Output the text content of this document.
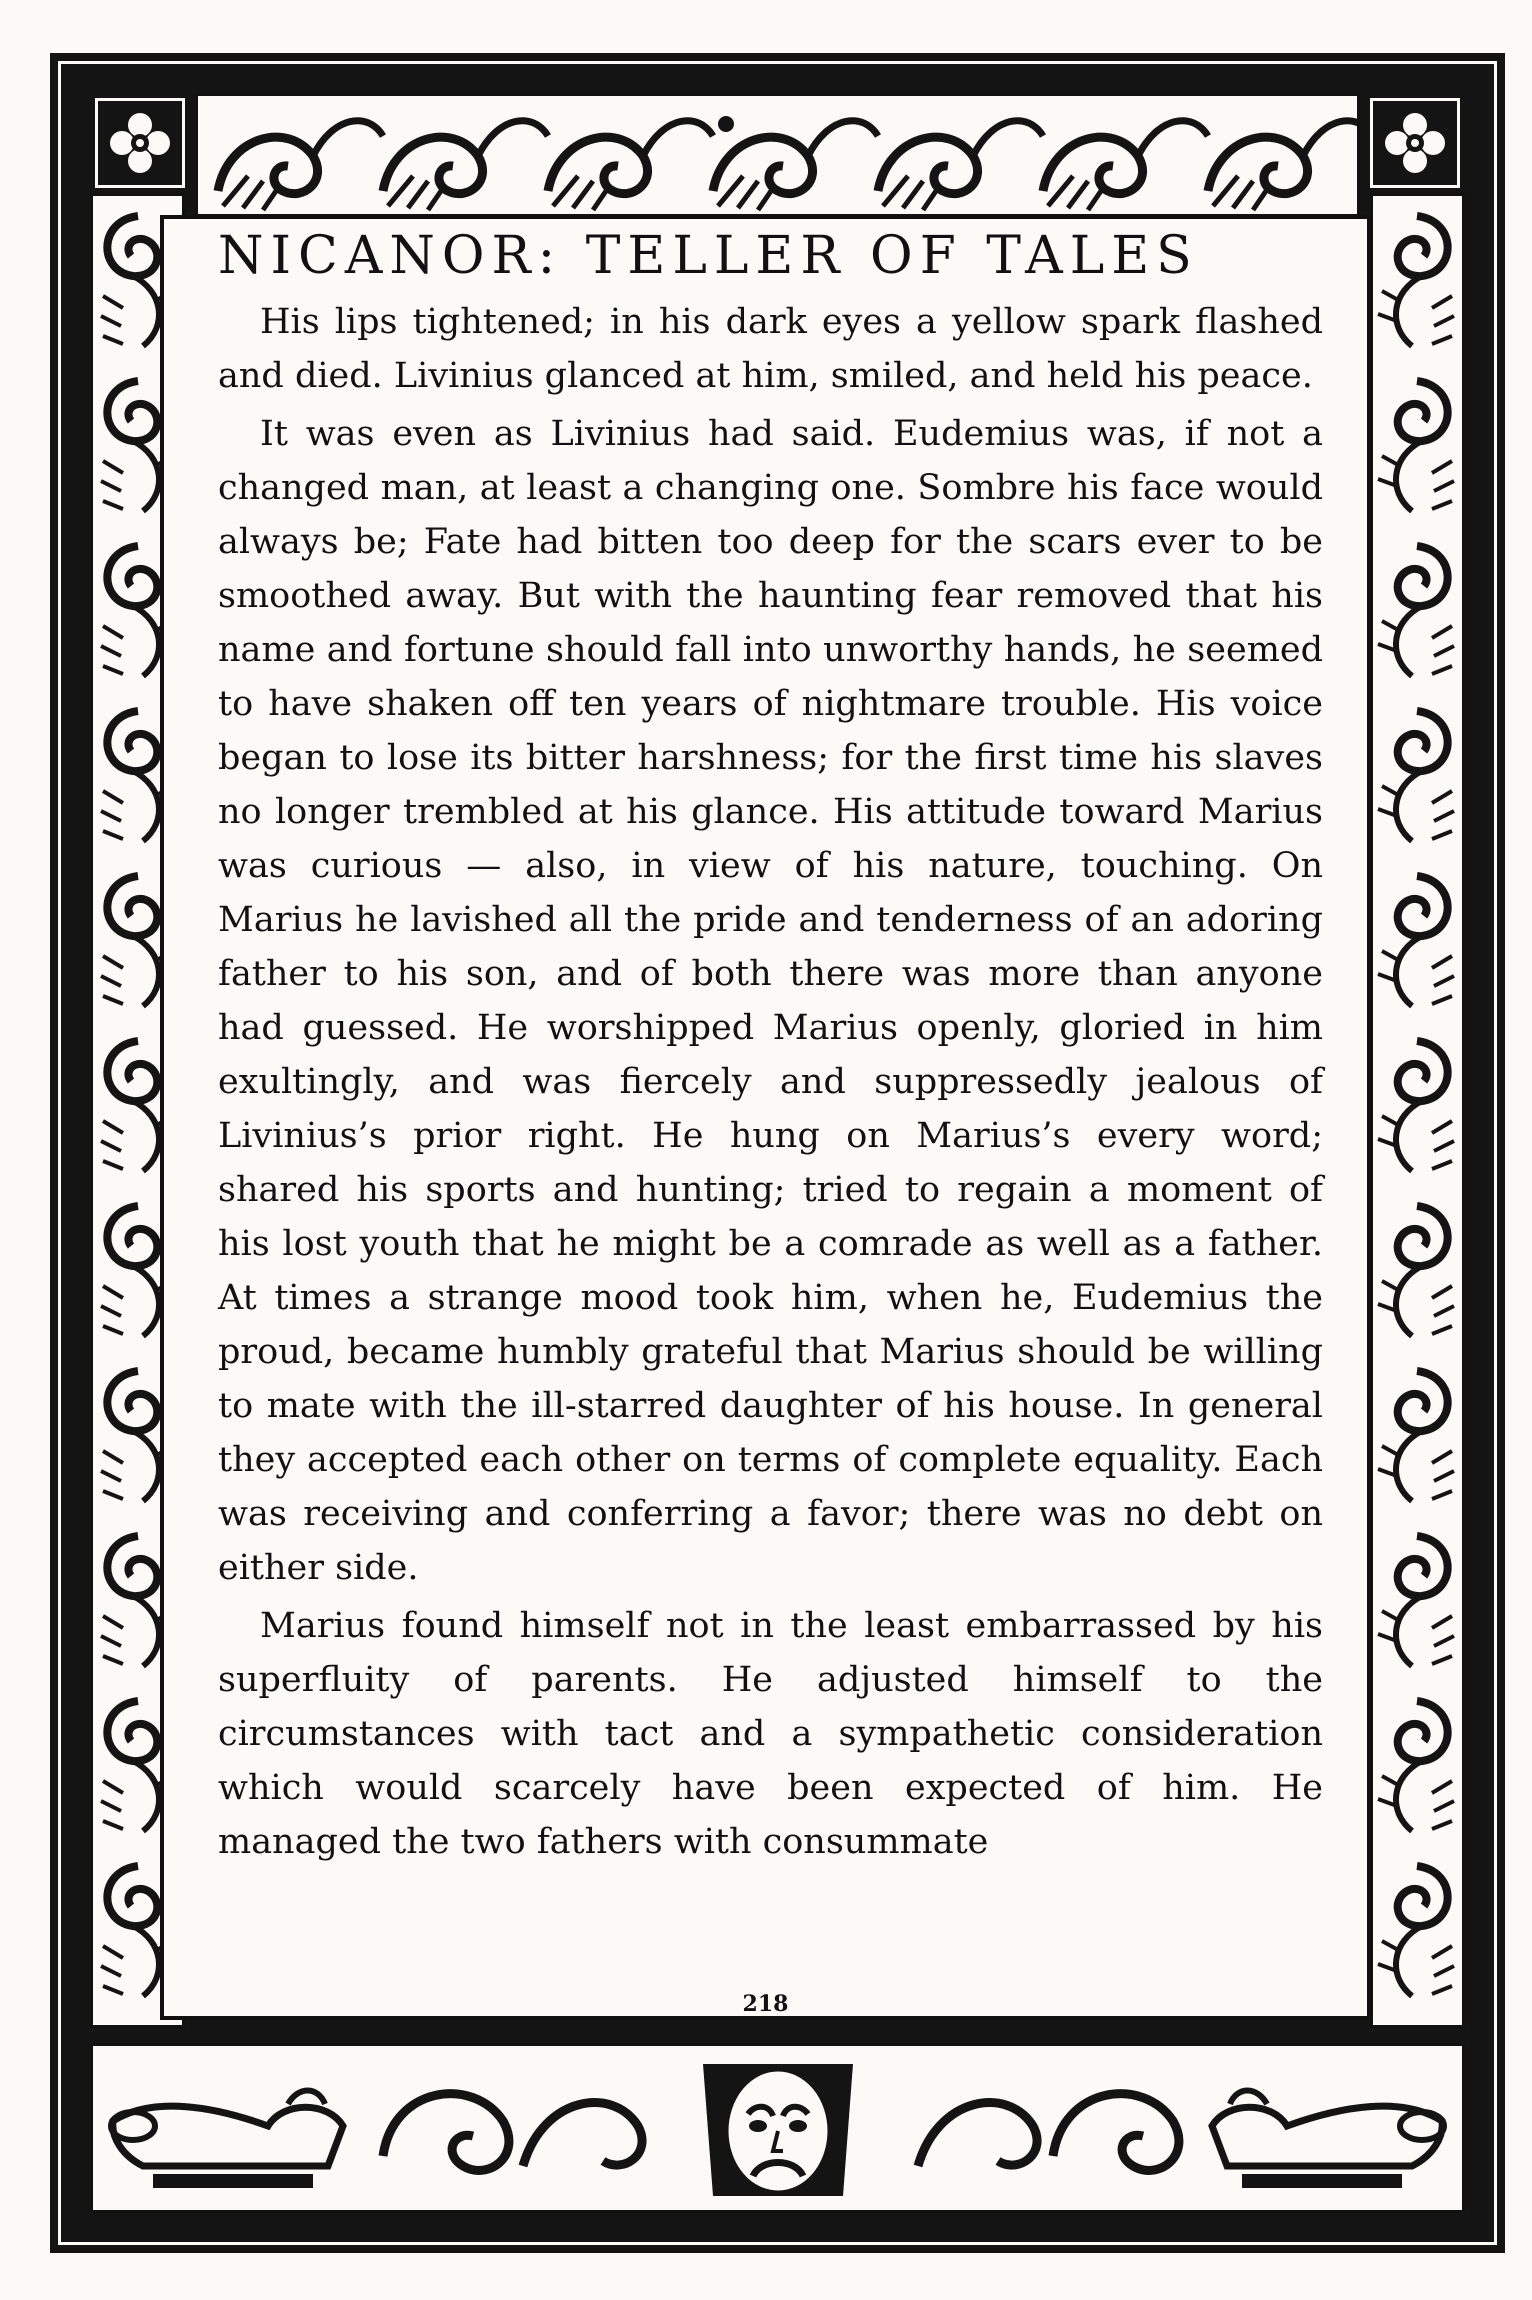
NICANOR: TELLER OF TALES

His lips tightened; in his dark eyes a yellow spark flashed and died. Livinius glanced at him, smiled, and held his peace.

It was even as Livinius had said. Eudemius was, if not a changed man, at least a changing one. Sombre his face would always be; Fate had bitten too deep for the scars ever to be smoothed away. But with the haunting fear removed that his name and fortune should fall into unworthy hands, he seemed to have shaken off ten years of nightmare trouble. His voice began to lose its bitter harshness; for the first time his slaves no longer trembled at his glance. His attitude toward Marius was curious — also, in view of his nature, touching. On Marius he lavished all the pride and tenderness of an adoring father to his son, and of both there was more than anyone had guessed. He worshipped Marius openly, gloried in him exultingly, and was fiercely and suppressedly jealous of Livinius’s prior right. He hung on Marius’s every word; shared his sports and hunting; tried to regain a moment of his lost youth that he might be a comrade as well as a father. At times a strange mood took him, when he, Eudemius the proud, became humbly grateful that Marius should be willing to mate with the ill-starred daughter of his house. In general they accepted each other on terms of complete equality. Each was receiving and conferring a favor; there was no debt on either side.

Marius found himself not in the least embarrassed by his superfluity of parents. He adjusted himself to the circumstances with tact and a sympathetic consideration which would scarcely have been expected of him. He managed the two fathers with consummate

218
